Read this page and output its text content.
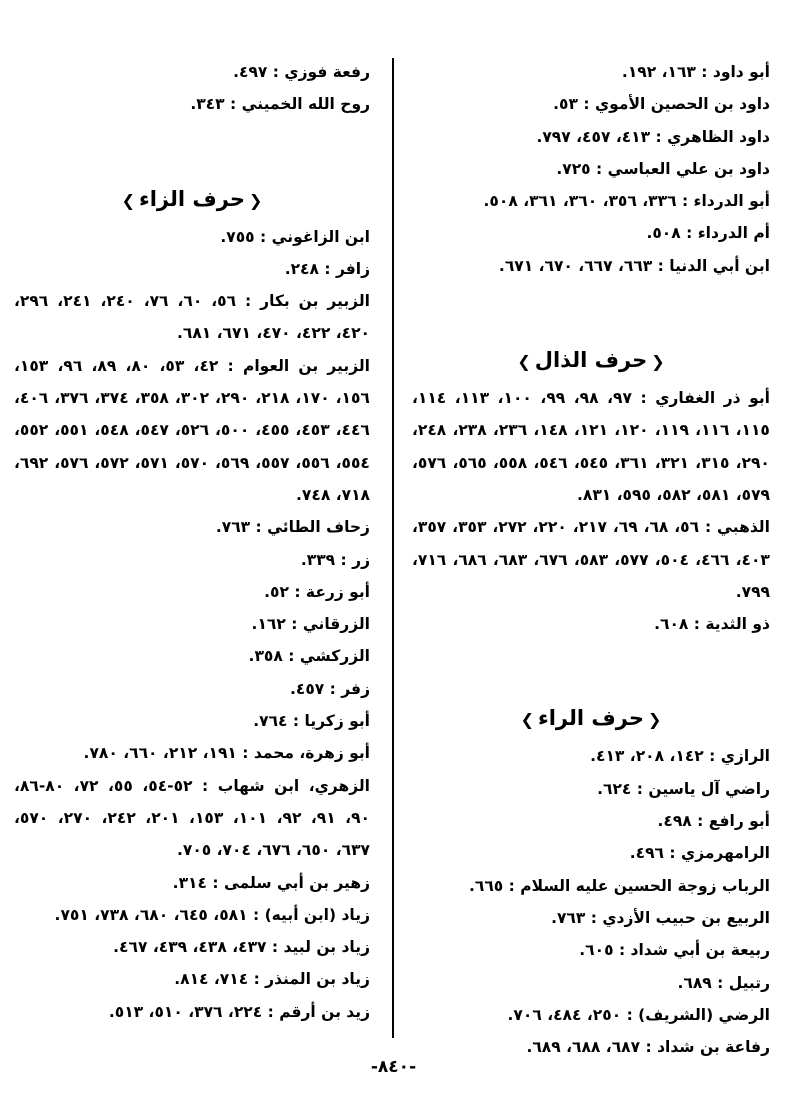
أبو داود : ١٦٣، ١٩٢.
داود بن الحصين الأموي : ٥٣.
داود الظاهري : ٤١٣، ٤٥٧، ٧٩٧.
داود بن علي العباسي : ٧٢٥.
أبو الدرداء : ٣٣٦، ٣٥٦، ٣٦٠، ٣٦١، ٥٠٨.
أم الدرداء : ٥٠٨.
ابن أبي الدنيا : ٦٦٣، ٦٦٧، ٦٧٠، ٦٧١.
❮حرف الذال❯
أبو ذر الغفاري : ٩٧، ٩٨، ٩٩، ١٠٠، ١١٣، ١١٤، ١١٥، ١١٦، ١١٩، ١٢٠، ١٢١، ١٤٨، ٢٣٦، ٢٣٨، ٢٤٨، ٢٩٠، ٣١٥، ٣٢١، ٣٦١، ٥٤٥، ٥٤٦، ٥٥٨، ٥٦٥، ٥٧٦، ٥٧٩، ٥٨١، ٥٨٢، ٥٩٥، ٨٣١.
الذهبي : ٥٦، ٦٨، ٦٩، ٢١٧، ٢٢٠، ٢٧٢، ٣٥٣، ٣٥٧، ٤٠٣، ٤٦٦، ٥٠٤، ٥٧٧، ٥٨٣، ٦٧٦، ٦٨٣، ٦٨٦، ٧١٦، ٧٩٩.
ذو الثدية : ٦٠٨.
❮حرف الراء❯
الرازي : ١٤٢، ٢٠٨، ٤١٣.
راضي آل ياسين : ٦٢٤.
أبو رافع : ٤٩٨.
الرامهرمزي : ٤٩٦.
الرباب زوجة الحسين عليه السلام : ٦٦٥.
الربيع بن حبيب الأزدي : ٧٦٣.
ربيعة بن أبي شداد : ٦٠٥.
رتبيل : ٦٨٩.
الرضي (الشريف) : ٢٥٠، ٤٨٤، ٧٠٦.
رفاعة بن شداد : ٦٨٧، ٦٨٨، ٦٨٩.
رفعة فوزي : ٤٩٧.
روح الله الخميني : ٣٤٣.
❮حرف الزاء❯
ابن الزاغوني : ٧٥٥.
زافر : ٢٤٨.
الزبير بن بكار : ٥٦، ٦٠، ٧٦، ٢٤٠، ٢٤١، ٢٩٦، ٤٢٠، ٤٢٢، ٤٧٠، ٦٧١، ٦٨١.
الزبير بن العوام : ٤٢، ٥٣، ٨٠، ٨٩، ٩٦، ١٥٣، ١٥٦، ١٧٠، ٢١٨، ٢٩٠، ٣٠٢، ٣٥٨، ٣٧٤، ٣٧٦، ٤٠٦، ٤٤٦، ٤٥٣، ٤٥٥، ٥٠٠، ٥٢٦، ٥٤٧، ٥٤٨، ٥٥١، ٥٥٢، ٥٥٤، ٥٥٦، ٥٥٧، ٥٦٩، ٥٧٠، ٥٧١، ٥٧٢، ٥٧٦، ٦٩٢، ٧١٨، ٧٤٨.
زحاف الطائي : ٧٦٣.
زر : ٣٣٩.
أبو زرعة : ٥٢.
الزرقاني : ١٦٢.
الزركشي : ٣٥٨.
زفر : ٤٥٧.
أبو زكريا : ٧٦٤.
أبو زهرة، محمد : ١٩١، ٢١٢، ٦٦٠، ٧٨٠.
الزهري، ابن شهاب : ٥٢-٥٤، ٥٥، ٧٢، ٨٠-٨٦، ٩٠، ٩١، ٩٢، ١٠١، ١٥٣، ٢٠١، ٢٤٢، ٢٧٠، ٥٧٠، ٦٣٧، ٦٥٠، ٦٧٦، ٧٠٤، ٧٠٥.
زهير بن أبي سلمى : ٣١٤.
زياد (ابن أبيه) : ٥٨١، ٦٤٥، ٦٨٠، ٧٣٨، ٧٥١.
زياد بن لبيد : ٤٣٧، ٤٣٨، ٤٣٩، ٤٦٧.
زياد بن المنذر : ٧١٤، ٨١٤.
زيد بن أرقم : ٢٢٤، ٣٧٦، ٥١٠، ٥١٣.
-٨٤٠-
